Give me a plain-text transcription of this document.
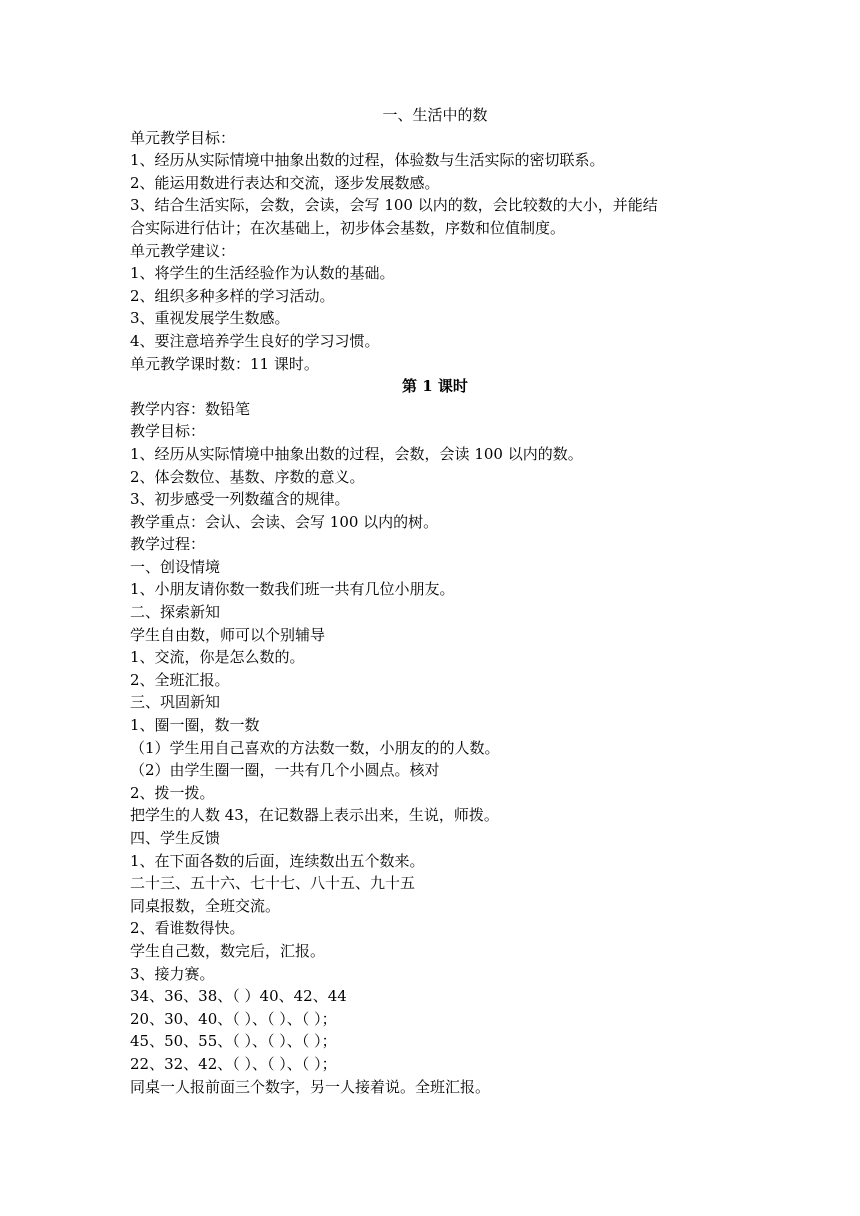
一、生活中的数
单元教学目标：
1、经历从实际情境中抽象出数的过程，体验数与生活实际的密切联系。
2、能运用数进行表达和交流，逐步发展数感。
3、结合生活实际，会数，会读，会写 100 以内的数，会比较数的大小，并能结
合实际进行估计；在次基础上，初步体会基数，序数和位值制度。
单元教学建议：
1、将学生的生活经验作为认数的基础。
2、组织多种多样的学习活动。
3、重视发展学生数感。
4、要注意培养学生良好的学习习惯。
单元教学课时数：11 课时。
第 1 课时
教学内容：数铅笔
教学目标：
1、经历从实际情境中抽象出数的过程，会数，会读 100 以内的数。
2、体会数位、基数、序数的意义。
3、初步感受一列数蕴含的规律。
教学重点：会认、会读、会写 100 以内的树。
教学过程：
一、创设情境
1、小朋友请你数一数我们班一共有几位小朋友。
二、探索新知
学生自由数，师可以个别辅导
1、交流，你是怎么数的。
2、全班汇报。
三、巩固新知
1、圈一圈，数一数
（1）学生用自己喜欢的方法数一数，小朋友的的人数。
（2）由学生圈一圈，一共有几个小圆点。核对
2、拨一拨。
把学生的人数 43，在记数器上表示出来，生说，师拨。
四、学生反馈
1、在下面各数的后面，连续数出五个数来。
二十三、五十六、七十七、八十五、九十五
同桌报数，全班交流。
2、看谁数得快。
学生自己数，数完后，汇报。
3、接力赛。
34、36、38、（ ）40、42、44
20、30、40、（ ）、（ ）、（ ）；
45、50、55、（ ）、（ ）、（ ）；
22、32、42、（ ）、（ ）、（ ）；
同桌一人报前面三个数字，另一人接着说。全班汇报。
